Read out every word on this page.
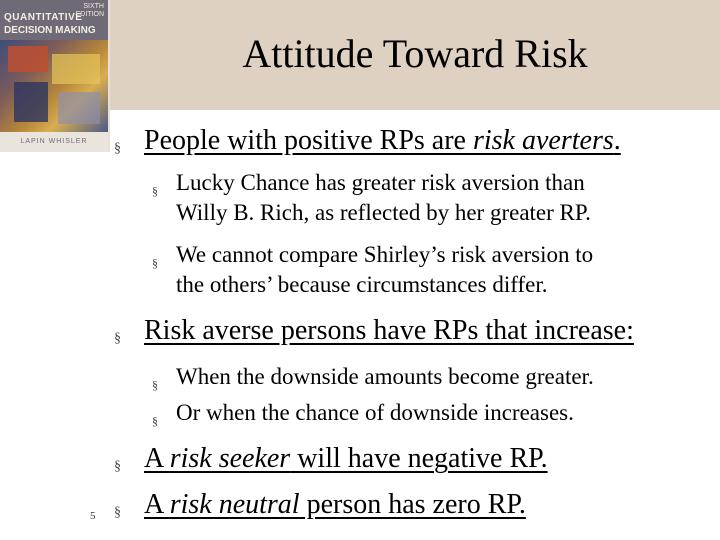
SIXTH EDITION
QUANTITATIVE
DECISION MAKING
LAPIN WHISLER
Attitude Toward Risk
§ People with positive RPs are risk averters.
§ Lucky Chance has greater risk aversion than
Willy B. Rich, as reflected by her greater RP.
§ We cannot compare Shirley’s risk aversion to
the others’ because circumstances differ.
§ Risk averse persons have RPs that increase:
§ When the downside amounts become greater.
§ Or when the chance of downside increases.
§ A risk seeker will have negative RP.
§ A risk neutral person has zero RP.
5
